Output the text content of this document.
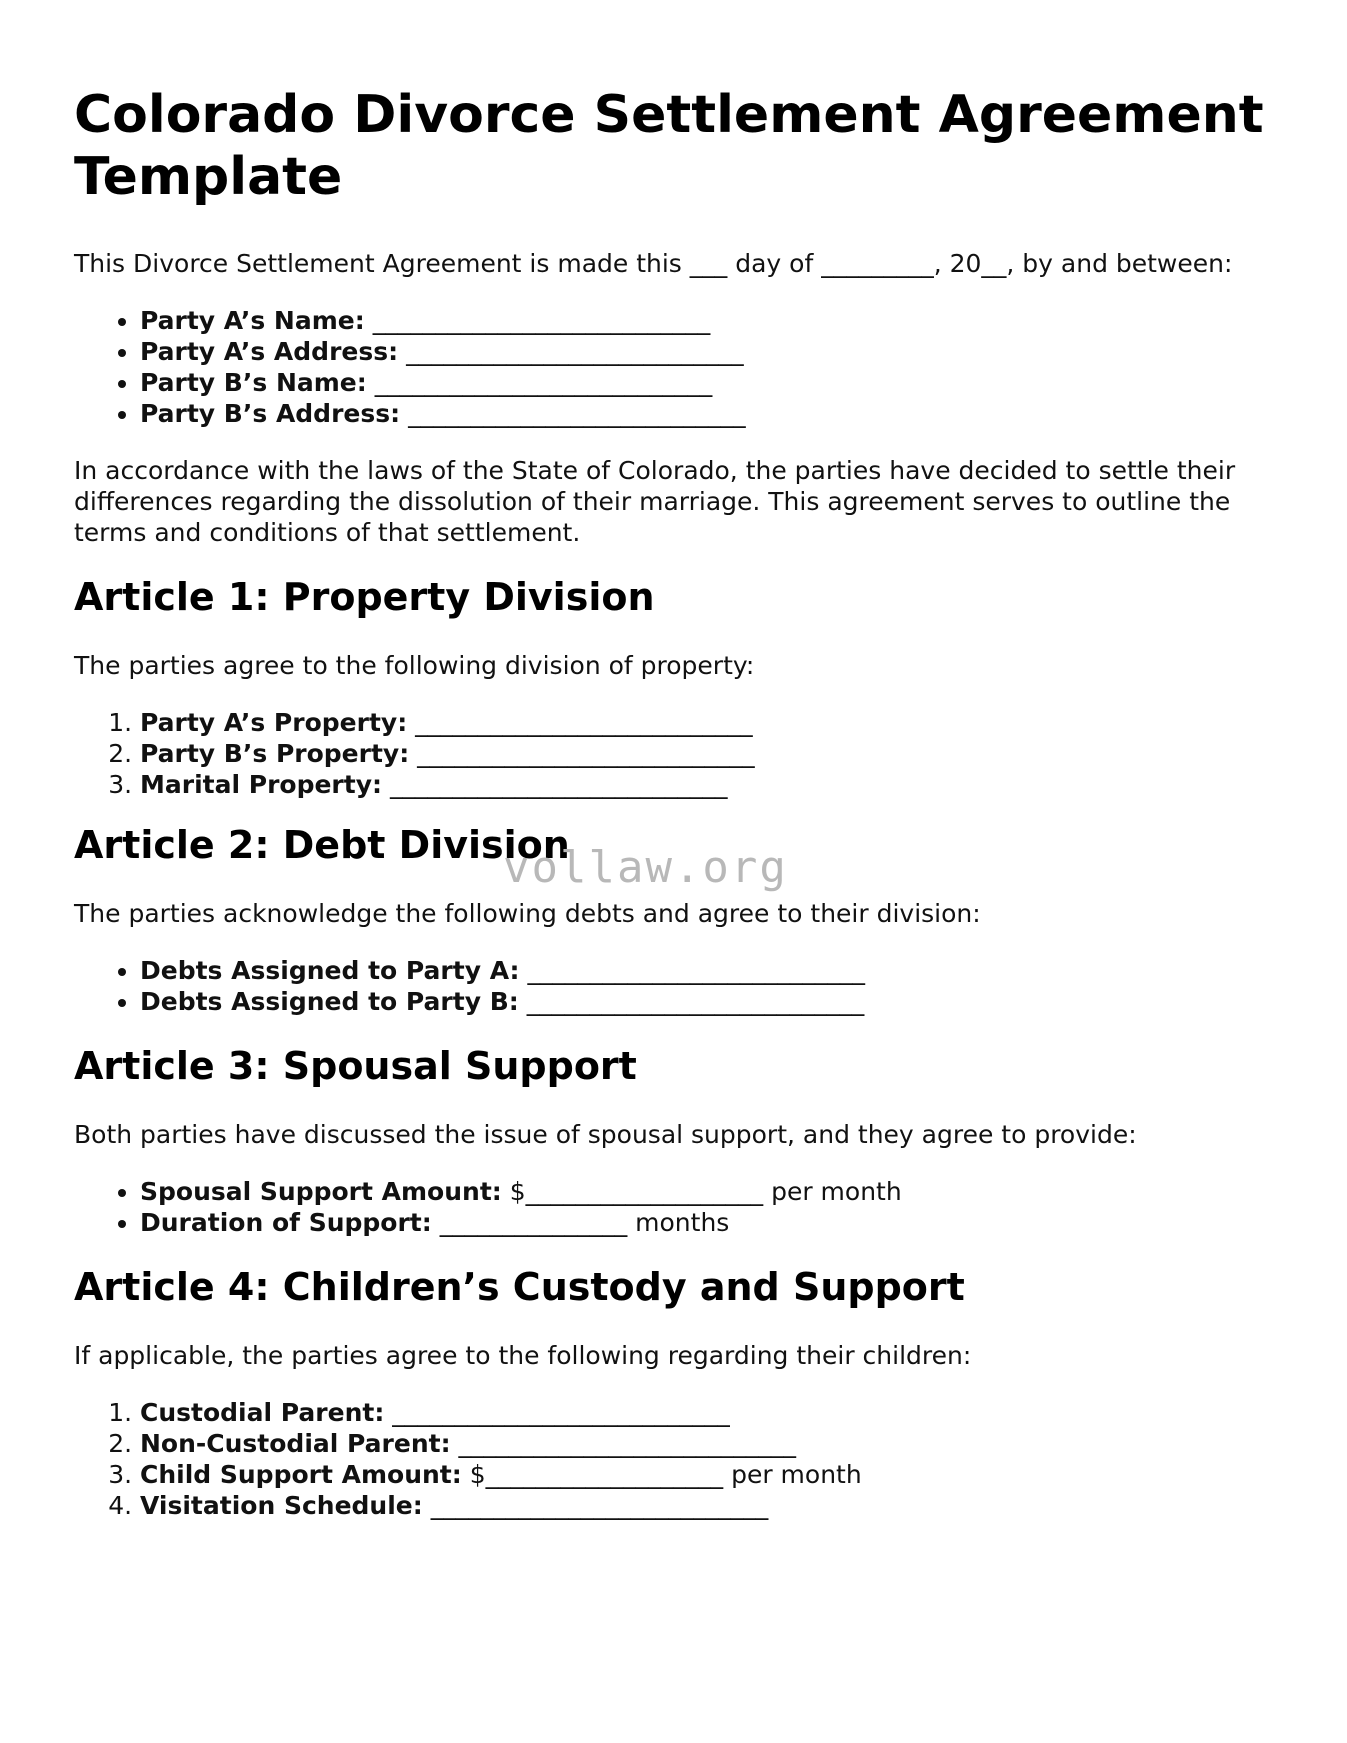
Colorado Divorce Settlement Agreement Template

This Divorce Settlement Agreement is made this ___ day of _________, 20__, by and between:

• Party A’s Name: ___________________________
• Party A’s Address: ___________________________
• Party B’s Name: ___________________________
• Party B’s Address: ___________________________

In accordance with the laws of the State of Colorado, the parties have decided to settle their differences regarding the dissolution of their marriage. This agreement serves to outline the terms and conditions of that settlement.

Article 1: Property Division

The parties agree to the following division of property:

1. Party A’s Property: ___________________________
2. Party B’s Property: ___________________________
3. Marital Property: ___________________________
Article 2: Debt Division

The parties acknowledge the following debts and agree to their division:

• Debts Assigned to Party A: ___________________________
• Debts Assigned to Party B: ___________________________
Article 3: Spousal Support

Both parties have discussed the issue of spousal support, and they agree to provide:

• Spousal Support Amount: $___________________ per month
• Duration of Support: _______________ months
Article 4: Children’s Custody and Support

If applicable, the parties agree to the following regarding their children:

1. Custodial Parent: ___________________________
2. Non-Custodial Parent: ___________________________
3. Child Support Amount: $___________________ per month
4. Visitation Schedule: ___________________________
vollaw.org
